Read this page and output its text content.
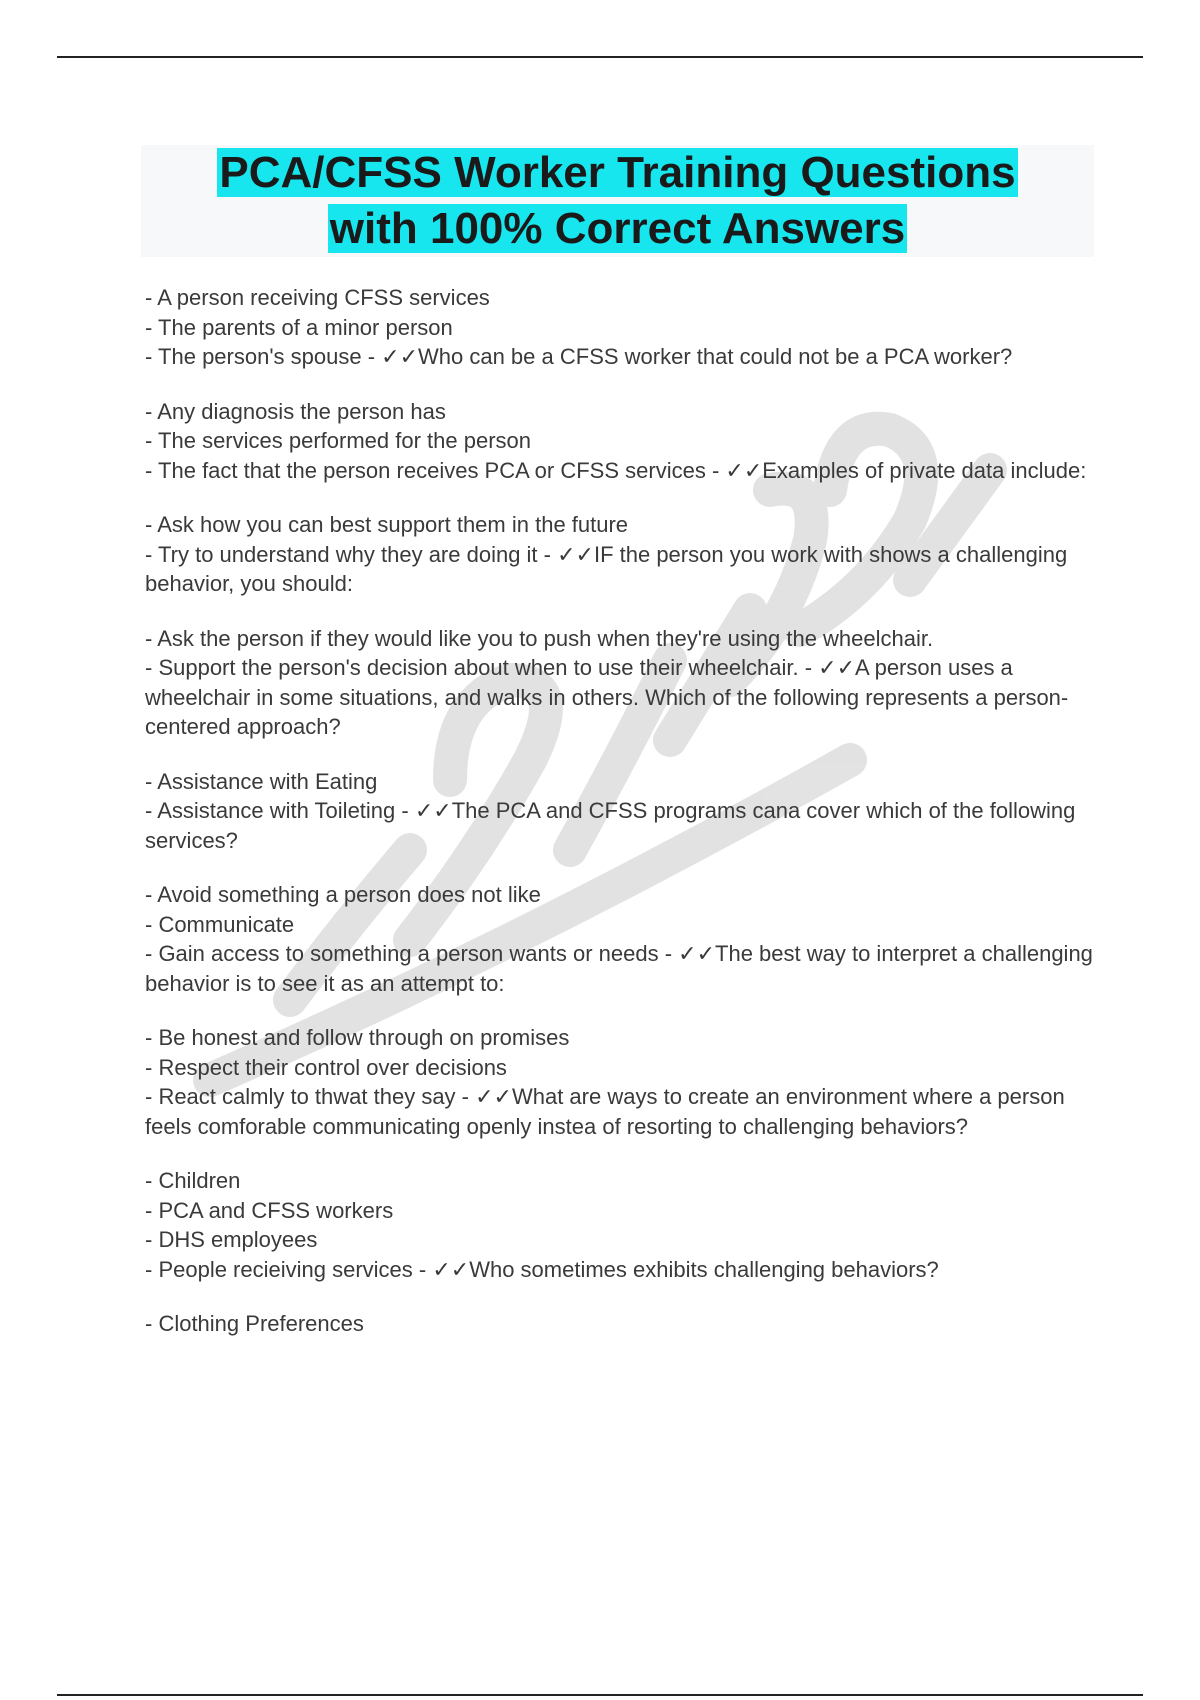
PCA/CFSS Worker Training Questions
with 100% Correct Answers
- A person receiving CFSS services
- The parents of a minor person
- The person's spouse - ✓✓Who can be a CFSS worker that could not be a PCA worker?
- Any diagnosis the person has
- The services performed for the person
- The fact that the person receives PCA or CFSS services - ✓✓Examples of private data include:
- Ask how you can best support them in the future
- Try to understand why they are doing it - ✓✓IF the person you work with shows a challenging behavior, you should:
- Ask the person if they would like you to push when they're using the wheelchair.
- Support the person's decision about when to use their wheelchair. - ✓✓A person uses a wheelchair in some situations, and walks in others. Which of the following represents a person-centered approach?
- Assistance with Eating
- Assistance with Toileting - ✓✓The PCA and CFSS programs cana cover which of the following services?
- Avoid something a person does not like
- Communicate
- Gain access to something a person wants or needs - ✓✓The best way to interpret a challenging behavior is to see it as an attempt to:
- Be honest and follow through on promises
- Respect their control over decisions
- React calmly to thwat they say - ✓✓What are ways to create an environment where a person feels comforable communicating openly instea of resorting to challenging behaviors?
- Children
- PCA and CFSS workers
- DHS employees
- People recieiving services - ✓✓Who sometimes exhibits challenging behaviors?
- Clothing Preferences
